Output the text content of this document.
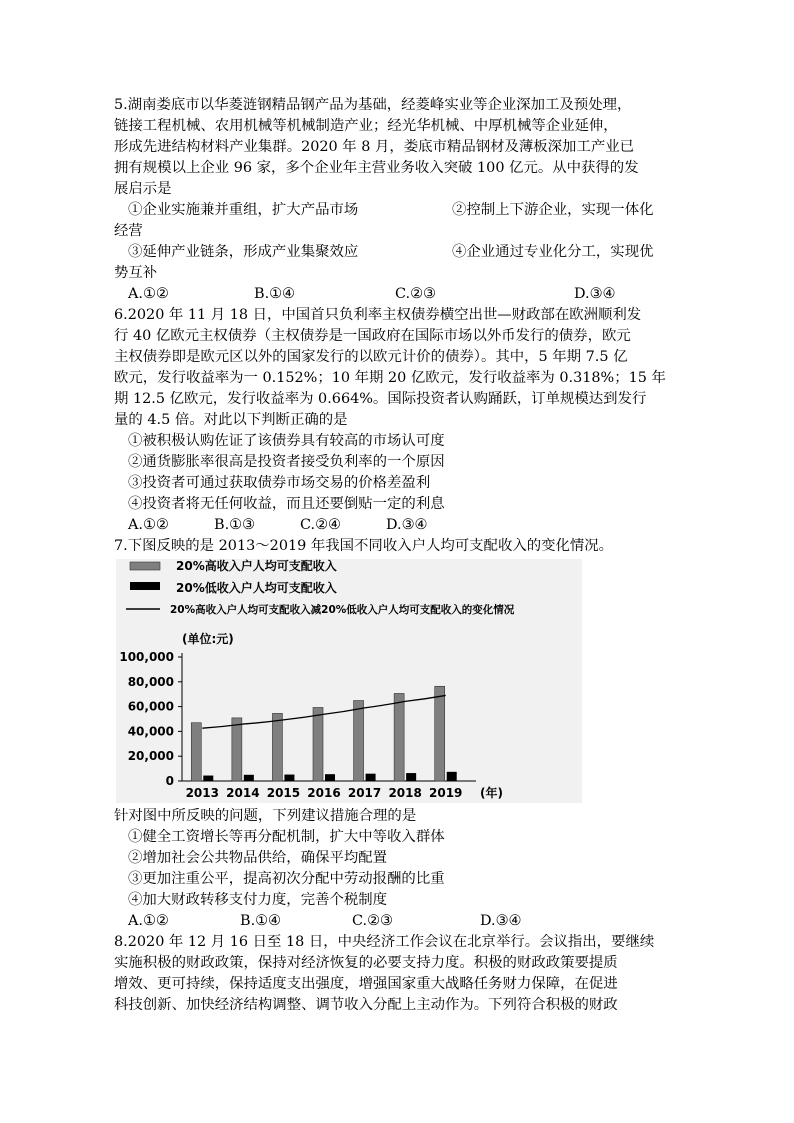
5.湖南娄底市以华菱涟钢精品钢产品为基础，经菱峰实业等企业深加工及预处理，
链接工程机械、农用机械等机械制造产业；经光华机械、中厚机械等企业延伸，
形成先进结构材料产业集群。2020 年 8 月，娄底市精品钢材及薄板深加工产业已
拥有规模以上企业 96 家，多个企业年主营业务收入突破 100 亿元。从中获得的发
展启示是
①企业实施兼并重组，扩大产品市场	②控制上下游企业，实现一体化
经营
③延伸产业链条，形成产业集聚效应	④企业通过专业化分工，实现优
势互补
A.①②	B.①④	C.②③	D.③④
6.2020 年 11 月 18 日，中国首只负利率主权债券横空出世—财政部在欧洲顺利发
行 40 亿欧元主权债券（主权债券是一国政府在国际市场以外币发行的债券，欧元
主权债券即是欧元区以外的国家发行的以欧元计价的债券）。其中，5 年期 7.5 亿
欧元，发行收益率为一 0.152%；10 年期 20 亿欧元，发行收益率为 0.318%；15 年
期 12.5 亿欧元，发行收益率为 0.664%。国际投资者认购踊跃，订单规模达到发行
量的 4.5 倍。对此以下判断正确的是
①被积极认购佐证了该债券具有较高的市场认可度
②通货膨胀率很高是投资者接受负利率的一个原因
③投资者可通过获取债券市场交易的价格差盈利
④投资者将无任何收益，而且还要倒贴一定的利息
A.①②	B.①③	C.②④	D.③④
7.下图反映的是 2013～2019 年我国不同收入户人均可支配收入的变化情况。
20%高收入户人均可支配收入
20%低收入户人均可支配收入
20%高收入户人均可支配收入减20%低收入户人均可支配收入的变化情况
(单位:元)
0
20,000
40,000
60,000
80,000
100,000
2013 2014 2015 2016 2017 2018 2019 (年)
针对图中所反映的问题，下列建议措施合理的是
①健全工资增长等再分配机制，扩大中等收入群体
②增加社会公共物品供给，确保平均配置
③更加注重公平，提高初次分配中劳动报酬的比重
④加大财政转移支付力度，完善个税制度
A.①②	B.①④	C.②③	D.③④
8.2020 年 12 月 16 日至 18 日，中央经济工作会议在北京举行。会议指出，要继续
实施积极的财政政策，保持对经济恢复的必要支持力度。积极的财政政策要提质
增效、更可持续，保持适度支出强度，增强国家重大战略任务财力保障，在促进
科技创新、加快经济结构调整、调节收入分配上主动作为。下列符合积极的财政
